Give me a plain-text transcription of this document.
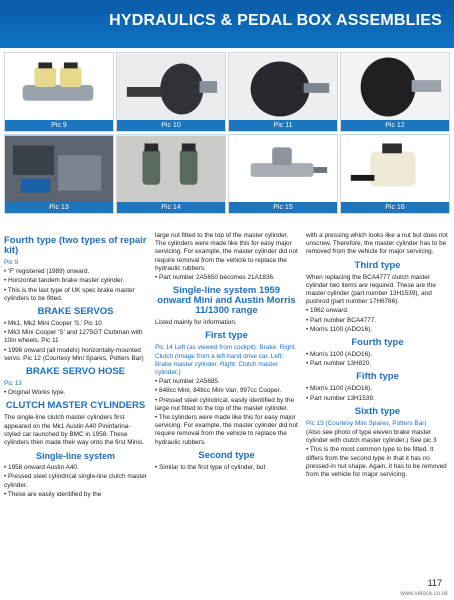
HYDRAULICS & PEDAL BOX ASSEMBLIES
Pic 9	Pic 10	Pic 11	Pic 12
Pic 13	Pic 14	Pic 15	Pic 16
Fourth type (two types of repair kit)
Pic 9
• 'F' registered (1989) onward.
• Horizontal tandem brake master cylinder.
• This is the last type of UK spec brake master cylinders to be fitted.
BRAKE SERVOS
• Mk1, Mk2 Mini Cooper 'S.' Pic 10
• Mk3 Mini Cooper 'S' and 1275GT Clubman with 10in wheels. Pic 11
• 1996 onward (all models) horizontally-mounted servo. Pic 12 (Courtesy Mini Spares, Potters Bar)
BRAKE SERVO HOSE
Pic 13
• Original Works type.
CLUTCH MASTER CYLINDERS
The single-line clutch master cylinders first appeared on the Mk1 Austin A40 Pininfarina-styled car launched by BMC in 1958. These cylinders then made their way onto the first Minis.
Single-line system
• 1958 onward Austin A40.
• Pressed steel cylindrical single-line clutch master cylinder.
• These are easily identified by the
large nut fitted to the top of the master cylinder. The cylinders were made like this for easy major servicing. For example, the master cylinder did not require removal from the vehicle to replace the hydraulic rubbers.
• Part number 2A5650 becomes 21A1836.
Single-line system 1959 onward Mini and Austin Morris 11/1300 range
Listed mainly for information.
First type
Pic 14 Left (as viewed from cockpit): Brake. Right: Clutch (Image from a left-hand drive car. Left: Brake master cylinder. Right: Clutch master cylinder.)
• Part number 2A5685.
• 848cc Mini, 848cc Mini Van, 997cc Cooper.
• Pressed steel cylindrical, easily identified by the large nut fitted to the top of the master cylinder.
• The cylinders were made like this for easy major servicing. For example, the master cylinder did not require removal from the vehicle to replace the hydraulic rubbers.
Second type
• Similar to the first type of cylinder, but
with a pressing which looks like a nut but does not unscrew. Therefore, the master cylinder has to be removed from the vehicle for major servicing.
Third type
When replacing the BCA4777 clutch master cylinder two items are required. These are the master cylinder (part number 13H1539), and pushrod (part number 17H6786).
• 1962 onward.
• Part number BCA4777.
• Morris 1100 (ADO16).
Fourth type
• Morris 1100 (ADO16).
• Part number 13H820.
Fifth type
• Morris 1100 (ADO16).
• Part number 13H1539.
Sixth type
Pic 15 (Courtesy Mini Spares, Potters Bar)
(Also see photo of type eleven brake master cylinder with clutch master cylinder.) See pic 3
• This is the most common type to be fitted. It differs from the second type in that it has no pressed-in nut shape. Again, it has to be removed from the vehicle for major servicing.
117
www.veloce.co.uk
